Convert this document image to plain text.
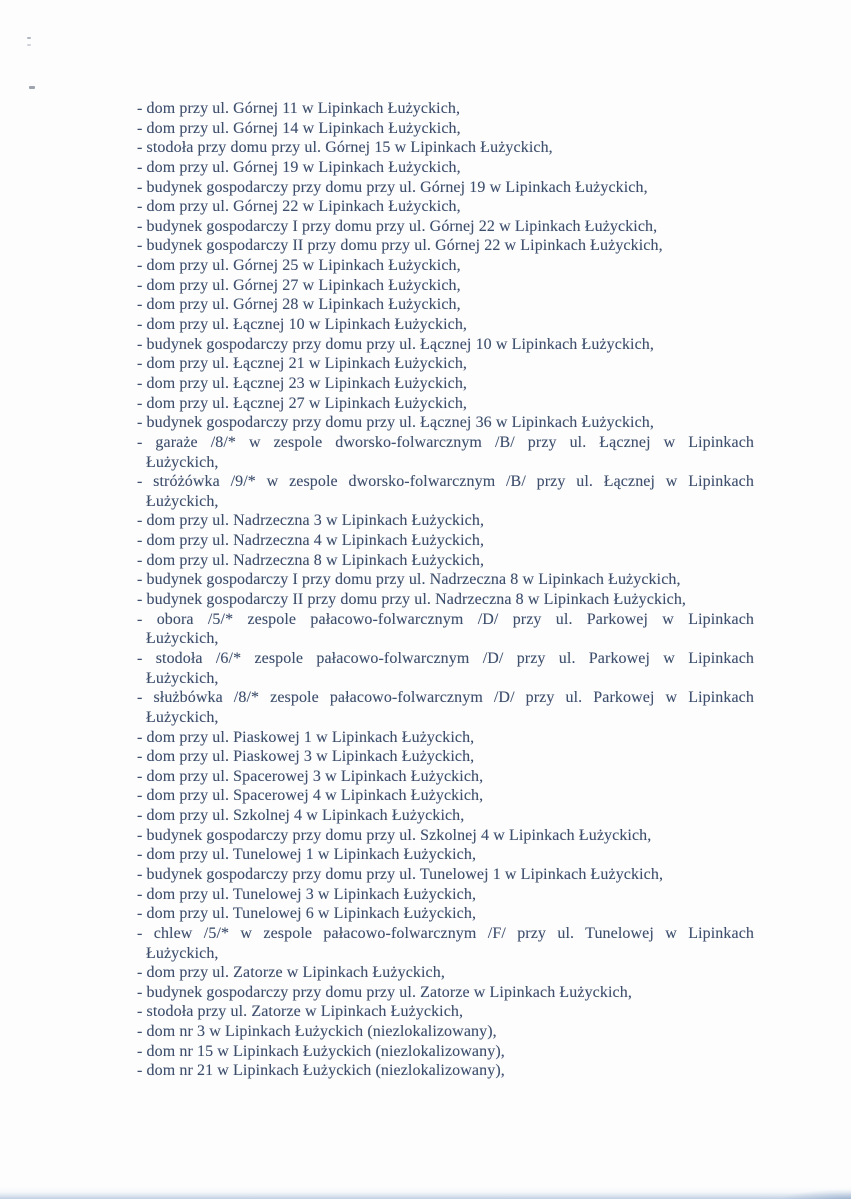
- dom przy ul. Górnej 11 w Lipinkach Łużyckich,
- dom przy ul. Górnej 14 w Lipinkach Łużyckich,
- stodoła przy domu przy ul. Górnej 15 w Lipinkach Łużyckich,
- dom przy ul. Górnej 19 w Lipinkach Łużyckich,
- budynek gospodarczy przy domu przy ul. Górnej 19 w Lipinkach Łużyckich,
- dom przy ul. Górnej 22 w Lipinkach Łużyckich,
- budynek gospodarczy I przy domu przy ul. Górnej 22 w Lipinkach Łużyckich,
- budynek gospodarczy II przy domu przy ul. Górnej 22 w Lipinkach Łużyckich,
- dom przy ul. Górnej 25 w Lipinkach Łużyckich,
- dom przy ul. Górnej 27 w Lipinkach Łużyckich,
- dom przy ul. Górnej 28 w Lipinkach Łużyckich,
- dom przy ul. Łącznej 10 w Lipinkach Łużyckich,
- budynek gospodarczy przy domu przy ul. Łącznej 10 w Lipinkach Łużyckich,
- dom przy ul. Łącznej 21 w Lipinkach Łużyckich,
- dom przy ul. Łącznej 23 w Lipinkach Łużyckich,
- dom przy ul. Łącznej 27 w Lipinkach Łużyckich,
- budynek gospodarczy przy domu przy ul. Łącznej 36 w Lipinkach Łużyckich,
- garaże /8/* w zespole dworsko-folwarcznym /B/ przy ul. Łącznej w Lipinkach
Łużyckich,
- stróżówka /9/* w zespole dworsko-folwarcznym /B/ przy ul. Łącznej w Lipinkach
Łużyckich,
- dom przy ul. Nadrzeczna 3 w Lipinkach Łużyckich,
- dom przy ul. Nadrzeczna 4 w Lipinkach Łużyckich,
- dom przy ul. Nadrzeczna 8 w Lipinkach Łużyckich,
- budynek gospodarczy I przy domu przy ul. Nadrzeczna 8 w Lipinkach Łużyckich,
- budynek gospodarczy II przy domu przy ul. Nadrzeczna 8 w Lipinkach Łużyckich,
- obora /5/* zespole pałacowo-folwarcznym /D/ przy ul. Parkowej w Lipinkach
Łużyckich,
- stodoła /6/* zespole pałacowo-folwarcznym /D/ przy ul. Parkowej w Lipinkach
Łużyckich,
- służbówka /8/* zespole pałacowo-folwarcznym /D/ przy ul. Parkowej w Lipinkach
Łużyckich,
- dom przy ul. Piaskowej 1 w Lipinkach Łużyckich,
- dom przy ul. Piaskowej 3 w Lipinkach Łużyckich,
- dom przy ul. Spacerowej 3 w Lipinkach Łużyckich,
- dom przy ul. Spacerowej 4 w Lipinkach Łużyckich,
- dom przy ul. Szkolnej 4 w Lipinkach Łużyckich,
- budynek gospodarczy przy domu przy ul. Szkolnej 4 w Lipinkach Łużyckich,
- dom przy ul. Tunelowej 1 w Lipinkach Łużyckich,
- budynek gospodarczy przy domu przy ul. Tunelowej 1 w Lipinkach Łużyckich,
- dom przy ul. Tunelowej 3 w Lipinkach Łużyckich,
- dom przy ul. Tunelowej 6 w Lipinkach Łużyckich,
- chlew /5/* w zespole pałacowo-folwarcznym /F/ przy ul. Tunelowej w Lipinkach
Łużyckich,
- dom przy ul. Zatorze w Lipinkach Łużyckich,
- budynek gospodarczy przy domu przy ul. Zatorze w Lipinkach Łużyckich,
- stodoła przy ul. Zatorze w Lipinkach Łużyckich,
- dom nr 3 w Lipinkach Łużyckich (niezlokalizowany),
- dom nr 15 w Lipinkach Łużyckich (niezlokalizowany),
- dom nr 21 w Lipinkach Łużyckich (niezlokalizowany),
